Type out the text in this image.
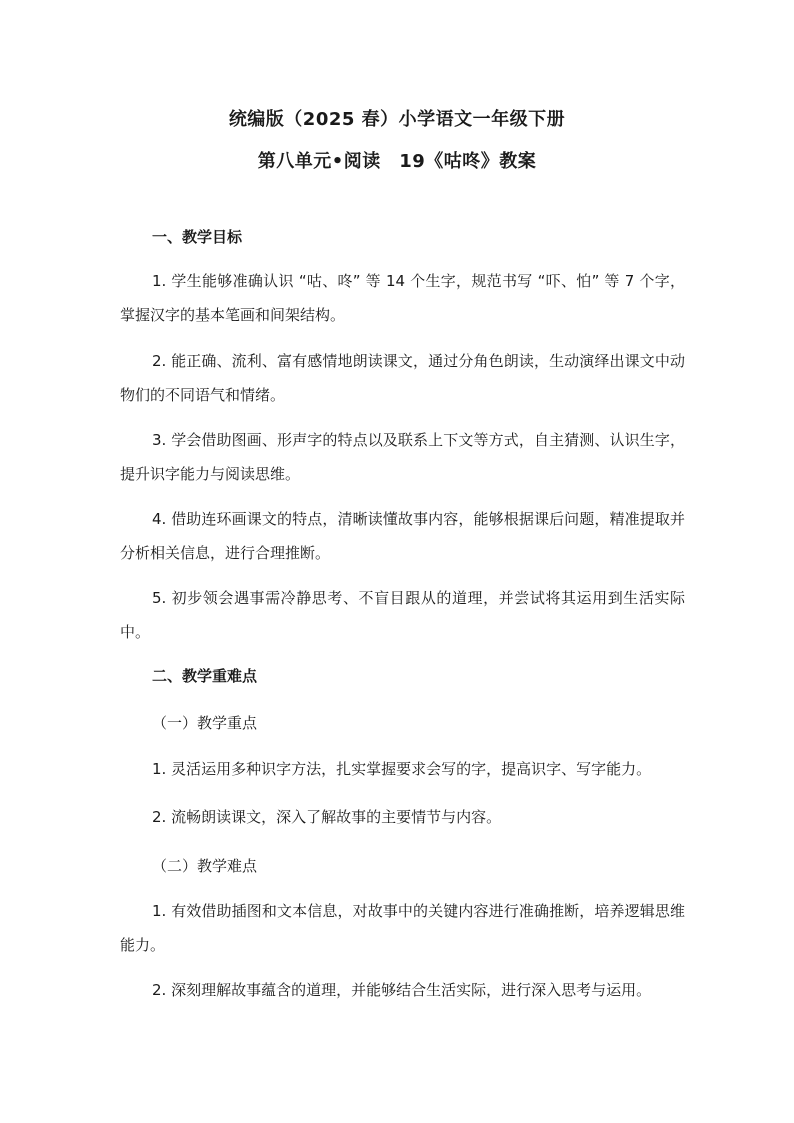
统编版（2025 春）小学语文一年级下册
第八单元•阅读　19《咕咚》教案
一、教学目标
1. 学生能够准确认识 “咕、咚” 等 14 个生字，规范书写 “吓、怕” 等 7 个字，掌握汉字的基本笔画和间架结构。
2. 能正确、流利、富有感情地朗读课文，通过分角色朗读，生动演绎出课文中动物们的不同语气和情绪。
3. 学会借助图画、形声字的特点以及联系上下文等方式，自主猜测、认识生字，提升识字能力与阅读思维。
4. 借助连环画课文的特点，清晰读懂故事内容，能够根据课后问题，精准提取并分析相关信息，进行合理推断。
5. 初步领会遇事需冷静思考、不盲目跟从的道理，并尝试将其运用到生活实际中。
二、教学重难点
（一）教学重点
1. 灵活运用多种识字方法，扎实掌握要求会写的字，提高识字、写字能力。
2. 流畅朗读课文，深入了解故事的主要情节与内容。
（二）教学难点
1. 有效借助插图和文本信息，对故事中的关键内容进行准确推断，培养逻辑思维能力。
2. 深刻理解故事蕴含的道理，并能够结合生活实际，进行深入思考与运用。
